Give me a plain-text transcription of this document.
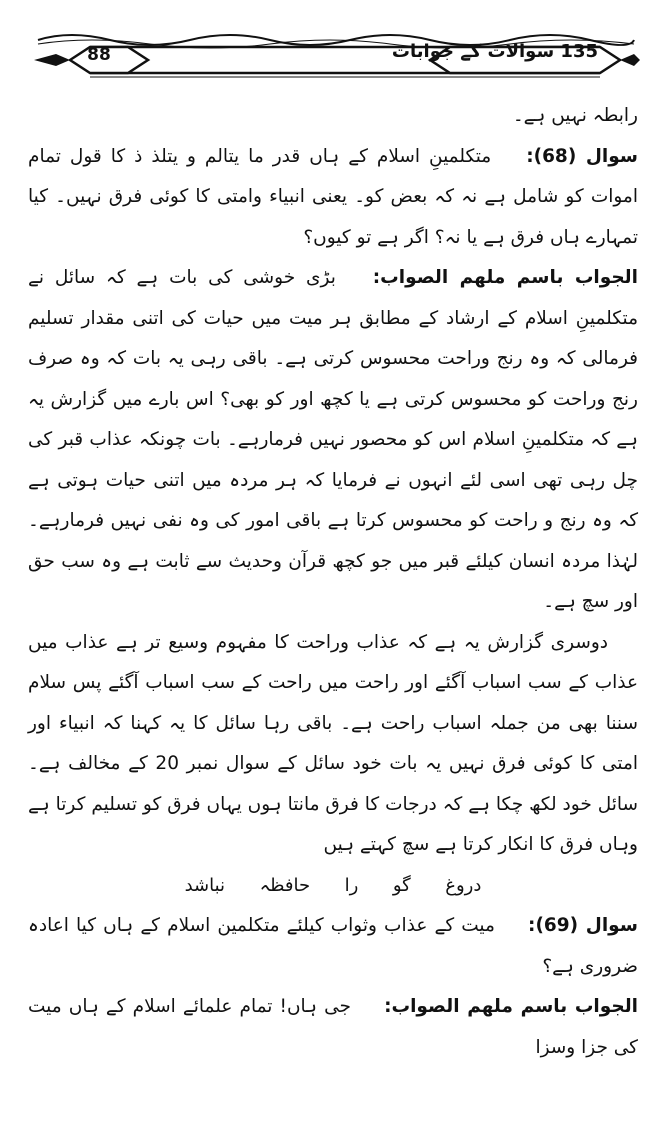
88	135 سوالات کے جوابات

رابطہ نہیں ہے۔

سوال (68): متکلمینِ اسلام کے ہاں قدر ما یتالم و یتلذ ذ کا قول تمام اموات کو شامل ہے نہ کہ بعض کو۔ یعنی انبیاء وامتی کا کوئی فرق نہیں۔ کیا تمہارے ہاں فرق ہے یا نہ؟ اگر ہے تو کیوں؟

الجواب باسم ملھم الصواب: بڑی خوشی کی بات ہے کہ سائل نے متکلمینِ اسلام کے ارشاد کے مطابق ہر میت میں حیات کی اتنی مقدار تسلیم فرمالی کہ وہ رنج وراحت محسوس کرتی ہے۔ باقی رہی یہ بات کہ وہ صرف رنج وراحت کو محسوس کرتی ہے یا کچھ اور کو بھی؟ اس بارے میں گزارش یہ ہے کہ متکلمینِ اسلام اس کو محصور نہیں فرمارہے۔ بات چونکہ عذاب قبر کی چل رہی تھی اسی لئے انہوں نے فرمایا کہ ہر مردہ میں اتنی حیات ہوتی ہے کہ وہ رنج و راحت کو محسوس کرتا ہے باقی امور کی وہ نفی نہیں فرمارہے۔ لہٰذا مردہ انسان کیلئے قبر میں جو کچھ قرآن وحدیث سے ثابت ہے وہ سب حق اور سچ ہے۔

دوسری گزارش یہ ہے کہ عذاب وراحت کا مفہوم وسیع تر ہے عذاب میں عذاب کے سب اسباب آگئے اور راحت میں راحت کے سب اسباب آگئے پس سلام سننا بھی من جملہ اسباب راحت ہے۔ باقی رہا سائل کا یہ کہنا کہ انبیاء اور امتی کا کوئی فرق نہیں یہ بات خود سائل کے سوال نمبر 20 کے مخالف ہے۔ سائل خود لکھ چکا ہے کہ درجات کا فرق مانتا ہوں یہاں فرق کو تسلیم کرتا ہے وہاں فرق کا انکار کرتا ہے سچ کہتے ہیں

دروغ گو را حافظہ نباشد

سوال (69): میت کے عذاب وثواب کیلئے متکلمین اسلام کے ہاں کیا اعادہ ضروری ہے؟

الجواب باسم ملھم الصواب: جی ہاں! تمام علمائے اسلام کے ہاں میت کی جزا وسزا
